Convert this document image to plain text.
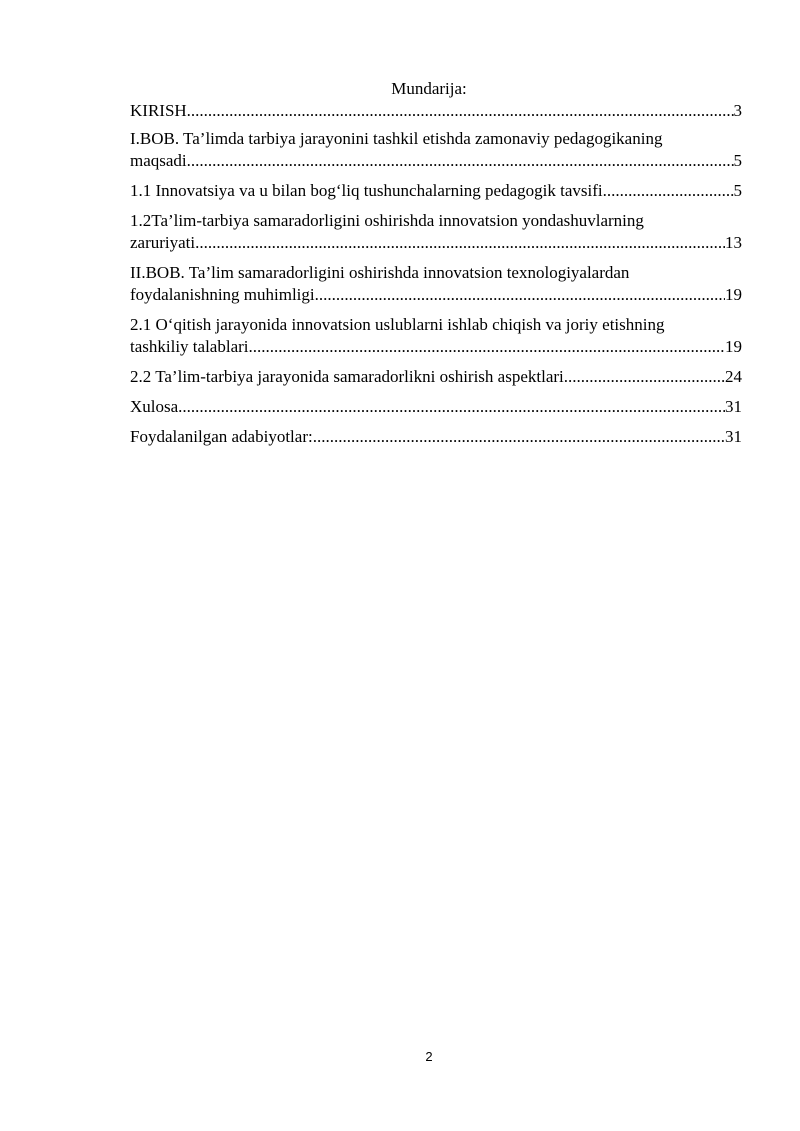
Mundarija:
KIRISH .....	3
I.BOB. Ta’limda tarbiya jarayonini tashkil etishda zamonaviy pedagogikaning
maqsadi .....	5
1.1 Innovatsiya va u bilan bog‘liq tushunchalarning pedagogik tavsifi .....	5
1.2Ta’lim-tarbiya samaradorligini oshirishda innovatsion yondashuvlarning
zaruriyati .....	13
II.BOB. Ta’lim samaradorligini oshirishda innovatsion texnologiyalardan
foydalanishning muhimligi .....	19
2.1 O‘qitish jarayonida innovatsion uslublarni ishlab chiqish va joriy etishning
tashkiliy talablari .....	19
2.2 Ta’lim-tarbiya jarayonida samaradorlikni oshirish aspektlari .....	24
Xulosa .....	31
Foydalanilgan adabiyotlar: .....	31
2
